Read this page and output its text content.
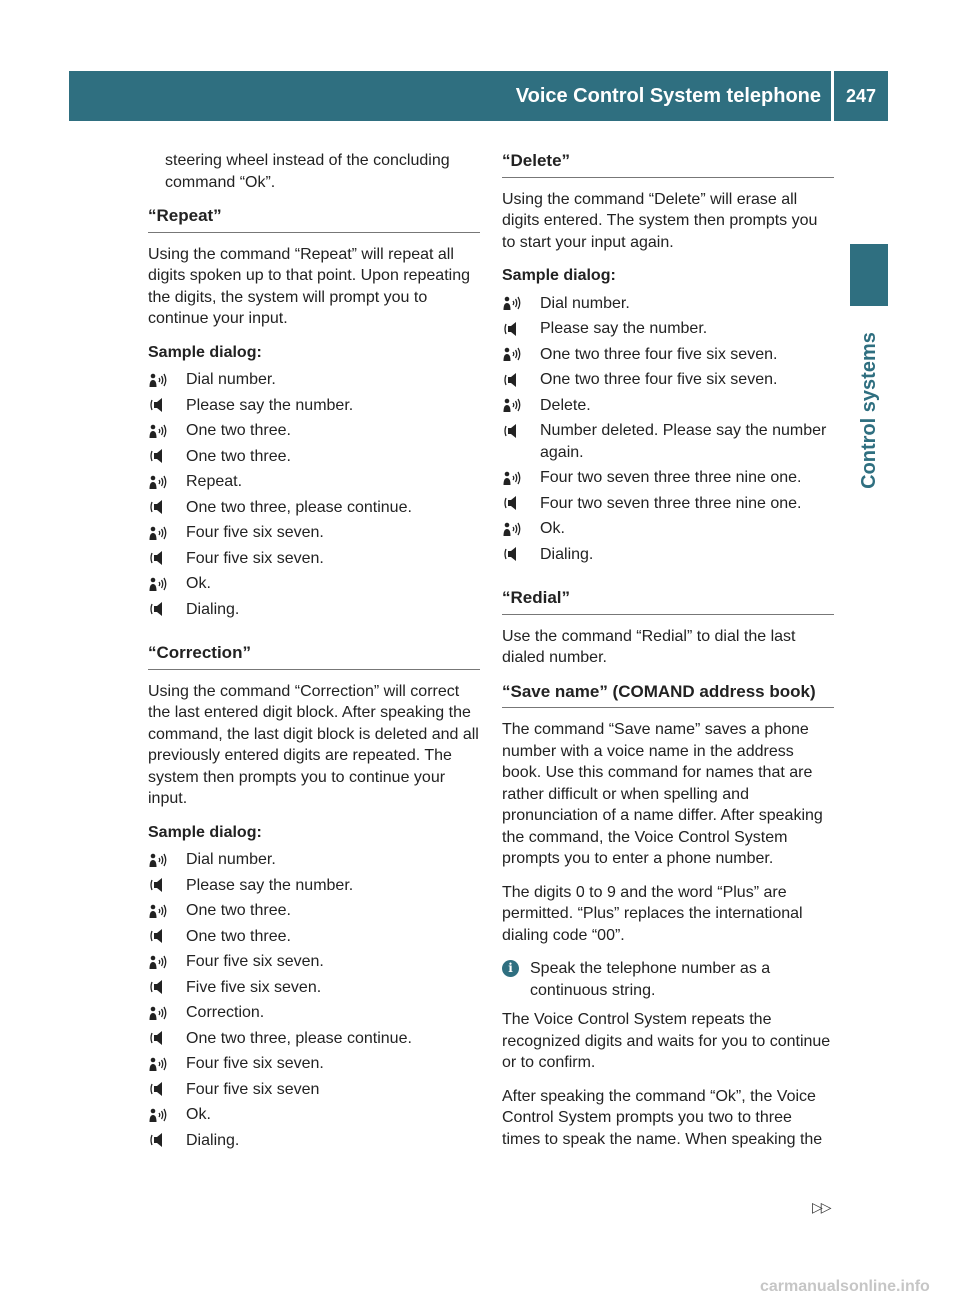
Voice Control System telephone	247
Control systems

steering wheel instead of the concluding command “Ok”.

“Repeat”

Using the command “Repeat” will repeat all digits spoken up to that point. Upon repeating the digits, the system will prompt you to continue your input.

Sample dialog:
Dial number.
Please say the number.
One two three.
One two three.
Repeat.
One two three, please continue.
Four five six seven.
Four five six seven.
Ok.
Dialing.
“Correction”

Using the command “Correction” will correct the last entered digit block. After speaking the command, the last digit block is deleted and all previously entered digits are repeated. The system then prompts you to continue your input.

Sample dialog:
Dial number.
Please say the number.
One two three.
One two three.
Four five six seven.
Five five six seven.
Correction.
One two three, please continue.
Four five six seven.
Four five six seven
Ok.
Dialing.
“Delete”

Using the command “Delete” will erase all digits entered. The system then prompts you to start your input again.

Sample dialog:
Dial number.
Please say the number.
One two three four five six seven.
One two three four five six seven.
Delete.
Number deleted. Please say the number again.
Four two seven three three nine one.
Four two seven three three nine one.
Ok.
Dialing.
“Redial”

Use the command “Redial” to dial the last dialed number.

“Save name” (COMAND address book)

The command “Save name” saves a phone number with a voice name in the address book. Use this command for names that are rather difficult or when spelling and pronunciation of a name differ. After speaking the command, the Voice Control System prompts you to enter a phone number.

The digits 0 to 9 and the word “Plus” are permitted. “Plus” replaces the international dialing code “00”.

i	Speak the telephone number as a continuous string.

The Voice Control System repeats the recognized digits and waits for you to continue or to confirm.

After speaking the command “Ok”, the Voice Control System prompts you two to three times to speak the name. When speaking the

▷▷
carmanualsonline.info
